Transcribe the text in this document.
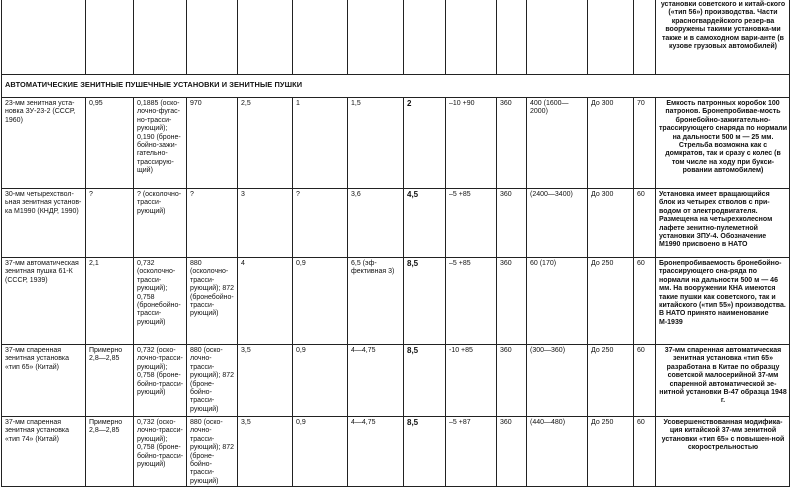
													установки советского и китай-ского («тип 56») производства. Части красногвардейского резер-ва вооружены такими установка-ми также и в самоходном вари-анте (в кузове грузовых автомобилей)
АВТОМАТИЧЕСКИЕ ЗЕНИТНЫЕ ПУШЕЧНЫЕ УСТАНОВКИ И ЗЕНИТНЫЕ ПУШКИ													
23-мм зенитная уста-новка ЗУ-23-2 (СССР, 1960)	0,95	0,1885 (оско-лочно-фугас-но-трасси-рующий); 0,190 (броне-бойно-зажи-гательно-трассирую-щий)	970	2,5	1	1,5	2	–10 +90	360	400 (1600—2000)	До 300	70	Емкость патронных коробок 100 патронов. Бронепробивае-мость бронебойно-зажигательно-трассирующего снаряда по нормали на дальности 500 м — 25 мм. Стрельба возможна как с домкратов, так и сразу с колес (в том числе на ходу при букси-ровании автомобилем)
30-мм четырехствол-ьная зенитная установ-ка М1990 (КНДР, 1990)	?	? (осколочно-трасси-рующий)	?	3	?	3,6	4,5	–5 +85	360	(2400—3400)	До 300	60	Установка имеет вращающийся блок из четырех стволов с при-водом от электродвигателя. Размещена на четырехколесном лафете зенитно-пулеметной установки ЗПУ-4. Обозначение М1990 присвоено в НАТО
37-мм автоматическая зенитная пушка 61-К (СССР, 1939)	2,1	0,732 (осколочно-трасси-рующий); 0,758 (бронебойно-трасси-рующий)	880 (осколочно-трасси-рующий); 872 (бронебойно-трасси-рующий)	4	0,9	6,5 (эф-фективная 3)	8,5	–5 +85	360	60 (170)	До 250	60	Бронепробиваемость бронебойно-трассирующего сна-ряда по нормали на дальности 500 м — 46 мм. На вооружении КНА имеются такие пушки как советского, так и китайского («тип 55») производства. В НАТО принято наименование М-1939
37-мм спаренная зенитная установка «тип 65» (Китай)	Примерно 2,8—2,85	0,732 (оско-лочно-трасси-рующий); 0,758 (броне-бойно-трасси-рующий)	880 (оско-лочно-трасси-рующий); 872 (броне-бойно-трасси-рующий)	3,5	0,9	4—4,75	8,5	-10 +85	360	(300—360)	До 250	60	37-мм спаренная автоматическая зенитная установка «тип 65» разработана в Китае по образцу советской малосерийной 37-мм спаренной автоматической зе-нитной установки В-47 образца 1948 г.
37-мм спаренная зенитная установка «тип 74» (Китай)	Примерно 2,8—2,85	0,732 (оско-лочно-трасси-рующий); 0,758 (броне-бойно-трасси-рующий)	880 (оско-лочно-трасси-рующий); 872 (броне-бойно-трасси-рующий)	3,5	0,9	4—4,75	8,5	–5 +87	360	(440—480)	До 250	60	Усовершенствованная модифика-ция китайской 37-мм зенитной установки «тип 65» с повышен-ной скорострельностью
